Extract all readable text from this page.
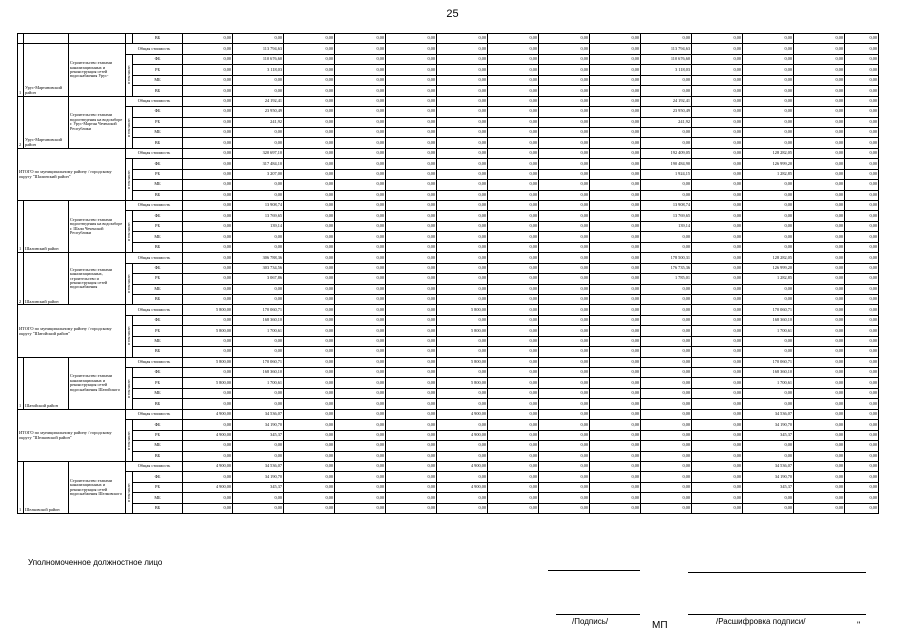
25
				ВБ	0,00	0,00	0,00	0,00	0,00	0,00	0,00	0,00	0,00	0,00	0,00	0,00	0,00	0,00
1	Урус-Мартановский район	Строительство этапами канализационных и реконструкция сетей водоснабжения Урус-	Общая стоимость		0,00	113 794,63	0,00	0,00	0,00	0,00	0,00	0,00	0,00	113 794,63	0,00	0,00	0,00	0,00
			в том числе:	ФБ	0,00	110 676,60	0,00	0,00	0,00	0,00	0,00	0,00	0,00	110 676,60	0,00	0,00	0,00	0,00
				РБ	0,00	3 118,03	0,00	0,00	0,00	0,00	0,00	0,00	0,00	3 118,03	0,00	0,00	0,00	0,00
				МБ	0,00	0,00	0,00	0,00	0,00	0,00	0,00	0,00	0,00	0,00	0,00	0,00	0,00	0,00
				ВБ	0,00	0,00	0,00	0,00	0,00	0,00	0,00	0,00	0,00	0,00	0,00	0,00	0,00	0,00
2	Урус-Мартановский район	Строительство этапами водоотведения на водозаборе г. Урус-Мартан Чеченской Республики	Общая стоимость		0,00	24 192,41	0,00	0,00	0,00	0,00	0,00	0,00	0,00	24 192,41	0,00	0,00	0,00	0,00
			в том числе:	ФБ	0,00	23 950,49	0,00	0,00	0,00	0,00	0,00	0,00	0,00	23 950,49	0,00	0,00	0,00	0,00
				РБ	0,00	241,92	0,00	0,00	0,00	0,00	0,00	0,00	0,00	241,92	0,00	0,00	0,00	0,00
				МБ	0,00	0,00	0,00	0,00	0,00	0,00	0,00	0,00	0,00	0,00	0,00	0,00	0,00	0,00
				ВБ	0,00	0,00	0,00	0,00	0,00	0,00	0,00	0,00	0,00	0,00	0,00	0,00	0,00	0,00
ИТОГО по муниципальному району / городскому округу "Шалинский район"			Общая стоимость		0,00	320 697,10	0,00	0,00	0,00	0,00	0,00	0,00	0,00	192 409,05	0,00	128 282,05	0,00	0,00
			в том числе:	ФБ	0,00	317 484,10	0,00	0,00	0,00	0,00	0,00	0,00	0,00	190 484,90	0,00	126 999,20	0,00	0,00
				РБ	0,00	3 207,00	0,00	0,00	0,00	0,00	0,00	0,00	0,00	1 924,15	0,00	1 282,85	0,00	0,00
				МБ	0,00	0,00	0,00	0,00	0,00	0,00	0,00	0,00	0,00	0,00	0,00	0,00	0,00	0,00
				ВБ	0,00	0,00	0,00	0,00	0,00	0,00	0,00	0,00	0,00	0,00	0,00	0,00	0,00	0,00
1	Шалинский район	Строительство этапами водоотведения на водозаборе г. Шали Чеченской Республики	Общая стоимость		0,00	13 908,74	0,00	0,00	0,00	0,00	0,00	0,00	0,00	13 908,74	0,00	0,00	0,00	0,00
			в том числе:	ФБ	0,00	13 769,65	0,00	0,00	0,00	0,00	0,00	0,00	0,00	13 769,65	0,00	0,00	0,00	0,00
				РБ	0,00	139,14	0,00	0,00	0,00	0,00	0,00	0,00	0,00	139,14	0,00	0,00	0,00	0,00
				МБ	0,00	0,00	0,00	0,00	0,00	0,00	0,00	0,00	0,00	0,00	0,00	0,00	0,00	0,00
				ВБ	0,00	0,00	0,00	0,00	0,00	0,00	0,00	0,00	0,00	0,00	0,00	0,00	0,00	0,00
2	Шалинский район	Строительство этапами канализационных, строительство и реконструкция сетей водоснабжения	Общая стоимость		0,00	306 788,36	0,00	0,00	0,00	0,00	0,00	0,00	0,00	178 500,31	0,00	128 282,05	0,00	0,00
			в том числе:	ФБ	0,00	303 734,56	0,00	0,00	0,00	0,00	0,00	0,00	0,00	176 735,36	0,00	126 999,20	0,00	0,00
				РБ	0,00	3 067,86	0,00	0,00	0,00	0,00	0,00	0,00	0,00	1 785,01	0,00	1 282,85	0,00	0,00
				МБ	0,00	0,00	0,00	0,00	0,00	0,00	0,00	0,00	0,00	0,00	0,00	0,00	0,00	0,00
				ВБ	0,00	0,00	0,00	0,00	0,00	0,00	0,00	0,00	0,00	0,00	0,00	0,00	0,00	0,00
ИТОГО по муниципальному району / городскому округу "Шатойский район"			Общая стоимость		5 800,00	170 060,71	0,00	0,00	0,00	5 800,00	0,00	0,00	0,00	0,00	0,00	170 060,71	0,00	0,00
			в том числе:	ФБ	0,00	168 360,10	0,00	0,00	0,00	0,00	0,00	0,00	0,00	0,00	0,00	168 360,10	0,00	0,00
				РБ	5 800,00	1 700,61	0,00	0,00	0,00	5 800,00	0,00	0,00	0,00	0,00	0,00	1 700,61	0,00	0,00
				МБ	0,00	0,00	0,00	0,00	0,00	0,00	0,00	0,00	0,00	0,00	0,00	0,00	0,00	0,00
				ВБ	0,00	0,00	0,00	0,00	0,00	0,00	0,00	0,00	0,00	0,00	0,00	0,00	0,00	0,00
1	Шатойский район	Строительство этапами канализационных и реконструкция сетей водоснабжения Шатойского	Общая стоимость		5 800,00	170 060,71	0,00	0,00	0,00	5 800,00	0,00	0,00	0,00	0,00	0,00	170 060,71	0,00	0,00
			в том числе:	ФБ	0,00	168 360,10	0,00	0,00	0,00	0,00	0,00	0,00	0,00	0,00	0,00	168 360,10	0,00	0,00
				РБ	5 800,00	1 700,61	0,00	0,00	0,00	5 800,00	0,00	0,00	0,00	0,00	0,00	1 700,61	0,00	0,00
				МБ	0,00	0,00	0,00	0,00	0,00	0,00	0,00	0,00	0,00	0,00	0,00	0,00	0,00	0,00
				ВБ	0,00	0,00	0,00	0,00	0,00	0,00	0,00	0,00	0,00	0,00	0,00	0,00	0,00	0,00
ИТОГО по муниципальному району / городскому округу "Шелковской район"			Общая стоимость		4 900,00	34 536,07	0,00	0,00	0,00	4 900,00	0,00	0,00	0,00	0,00	0,00	34 536,07	0,00	0,00
			в том числе:	ФБ	0,00	34 190,70	0,00	0,00	0,00	0,00	0,00	0,00	0,00	0,00	0,00	34 190,70	0,00	0,00
				РБ	4 900,00	345,37	0,00	0,00	0,00	4 900,00	0,00	0,00	0,00	0,00	0,00	345,37	0,00	0,00
				МБ	0,00	0,00	0,00	0,00	0,00	0,00	0,00	0,00	0,00	0,00	0,00	0,00	0,00	0,00
				ВБ	0,00	0,00	0,00	0,00	0,00	0,00	0,00	0,00	0,00	0,00	0,00	0,00	0,00	0,00
1	Шелковской район	Строительство этапами канализационных и реконструкция сетей водоснабжения Шелковского	Общая стоимость		4 900,00	34 536,07	0,00	0,00	0,00	4 900,00	0,00	0,00	0,00	0,00	0,00	34 536,07	0,00	0,00
			в том числе:	ФБ	0,00	34 190,70	0,00	0,00	0,00	0,00	0,00	0,00	0,00	0,00	0,00	34 190,70	0,00	0,00
				РБ	4 900,00	345,37	0,00	0,00	0,00	4 900,00	0,00	0,00	0,00	0,00	0,00	345,37	0,00	0,00
				МБ	0,00	0,00	0,00	0,00	0,00	0,00	0,00	0,00	0,00	0,00	0,00	0,00	0,00	0,00
				ВБ	0,00	0,00	0,00	0,00	0,00	0,00	0,00	0,00	0,00	0,00	0,00	0,00	0,00	0,00
Уполномоченное должностное лицо
/Подпись/	МП	/Расшифровка подписи/	"
